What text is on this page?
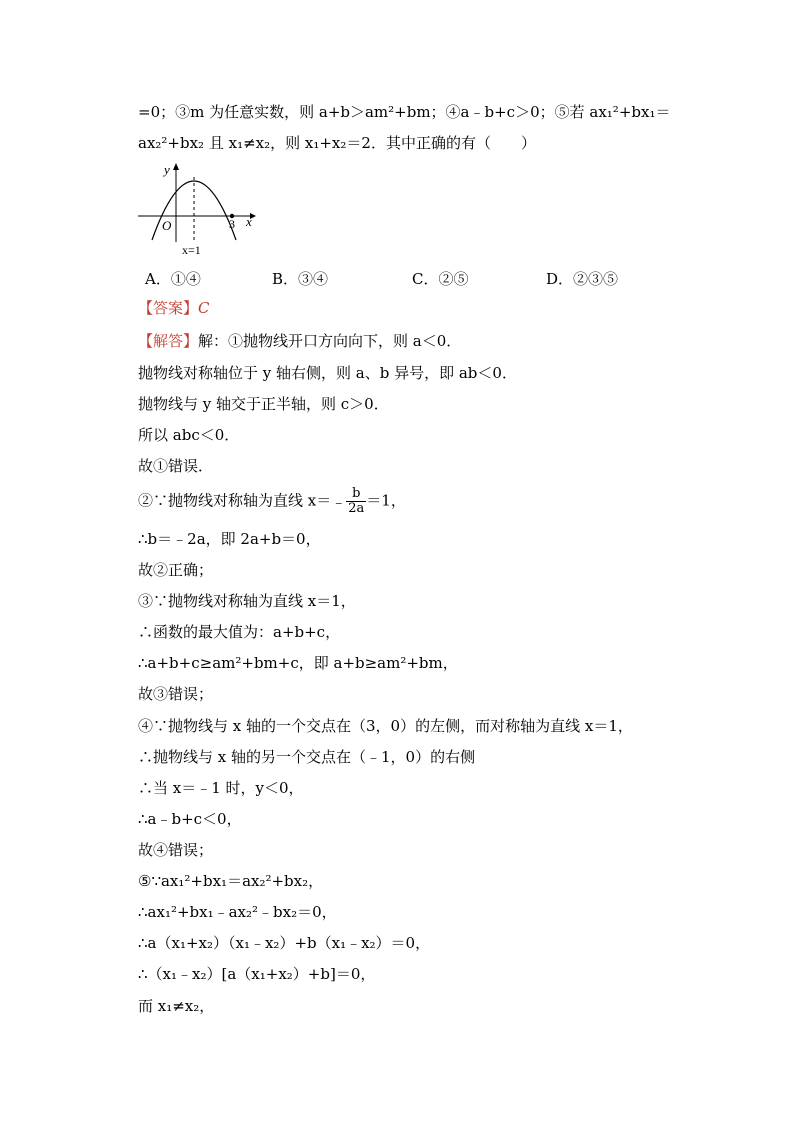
=0；③m 为任意实数，则 a+b＞am²+bm；④a﹣b+c＞0；⑤若 ax₁²+bx₁＝
ax₂²+bx₂ 且 x₁≠x₂，则 x₁+x₂＝2．其中正确的有（　　）
y
x
O	3
x=1
A．①④	B．③④	C．②⑤	D．②③⑤
【答案】C
【解答】解：①抛物线开口方向向下，则 a＜0．
抛物线对称轴位于 y 轴右侧，则 a、b 异号，即 ab＜0．
抛物线与 y 轴交于正半轴，则 c＞0．
所以 abc＜0．
故①错误．
②∵抛物线对称轴为直线 x＝﹣ $\frac{b}{2a} =1$，
∴b＝﹣2a，即 2a+b＝0，
故②正确；
③∵抛物线对称轴为直线 x＝1，
∴函数的最大值为：a+b+c，
∴a+b+c≥am²+bm+c，即 a+b≥am²+bm，
故③错误；
④∵抛物线与 x 轴的一个交点在（3，0）的左侧，而对称轴为直线 x＝1，
∴抛物线与 x 轴的另一个交点在（﹣1，0）的右侧
∴当 x＝﹣1 时，y＜0，
∴a﹣b+c＜0，
故④错误；
⑤∵ax₁²+bx₁＝ax₂²+bx₂，
∴ax₁²+bx₁﹣ax₂²﹣bx₂＝0，
∴a（x₁+x₂）（x₁﹣x₂）+b（x₁﹣x₂）＝0，
∴（x₁﹣x₂）[a（x₁+x₂）+b]＝0，
而 x₁≠x₂，
